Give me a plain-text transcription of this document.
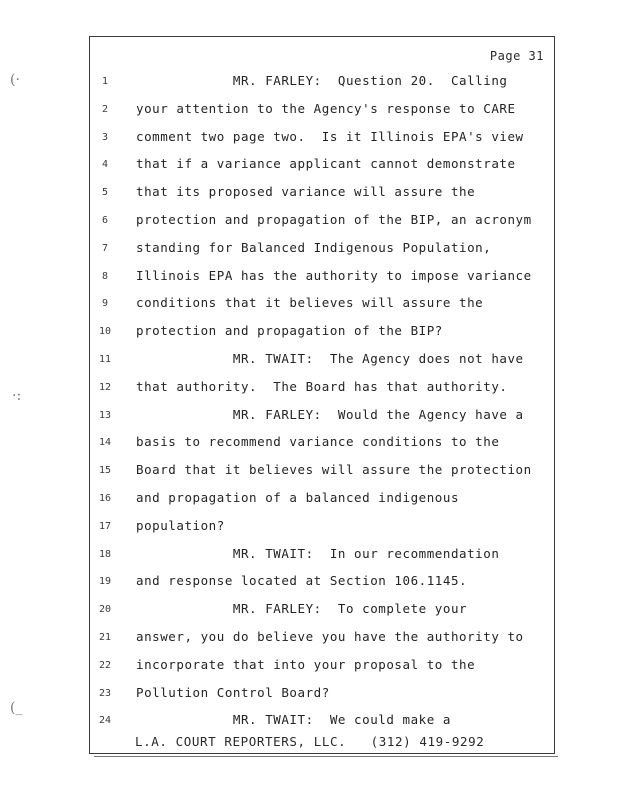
(·
·:
(_
Page 31
1	MR. FARLEY:  Question 20.  Calling
2	your attention to the Agency's response to CARE
3	comment two page two.  Is it Illinois EPA's view
4	that if a variance applicant cannot demonstrate
5	that its proposed variance will assure the
6	protection and propagation of the BIP, an acronym
7	standing for Balanced Indigenous Population,
8	Illinois EPA has the authority to impose variance
9	conditions that it believes will assure the
10	protection and propagation of the BIP?
11	MR. TWAIT:  The Agency does not have
12	that authority.  The Board has that authority.
13	MR. FARLEY:  Would the Agency have a
14	basis to recommend variance conditions to the
15	Board that it believes will assure the protection
16	and propagation of a balanced indigenous
17	population?
18	MR. TWAIT:  In our recommendation
19	and response located at Section 106.1145.
20	MR. FARLEY:  To complete your
21	answer, you do believe you have the authority to
22	incorporate that into your proposal to the
23	Pollution Control Board?
24	MR. TWAIT:  We could make a
L.A. COURT REPORTERS, LLC.   (312) 419-9292
